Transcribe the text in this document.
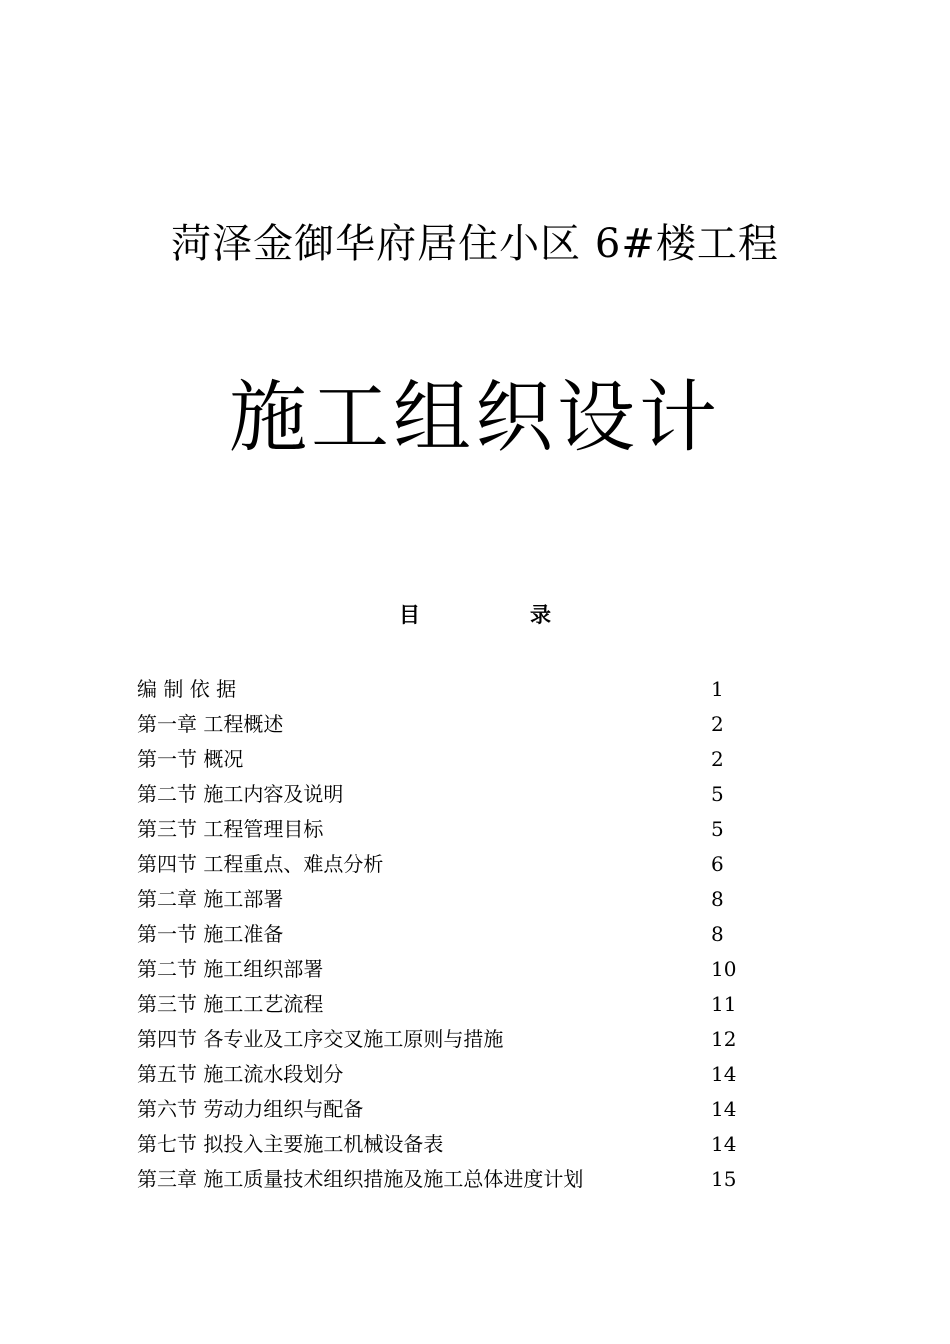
菏泽金御华府居住小区 6#楼工程
施工组织设计
目	录
编 制 依 据	1
第一章 工程概述	2
第一节 概况	2
第二节 施工内容及说明	5
第三节 工程管理目标	5
第四节 工程重点、难点分析	6
第二章 施工部署	8
第一节 施工准备	8
第二节 施工组织部署	10
第三节 施工工艺流程	11
第四节 各专业及工序交叉施工原则与措施	12
第五节 施工流水段划分	14
第六节 劳动力组织与配备	14
第七节 拟投入主要施工机械设备表	14
第三章 施工质量技术组织措施及施工总体进度计划	15
